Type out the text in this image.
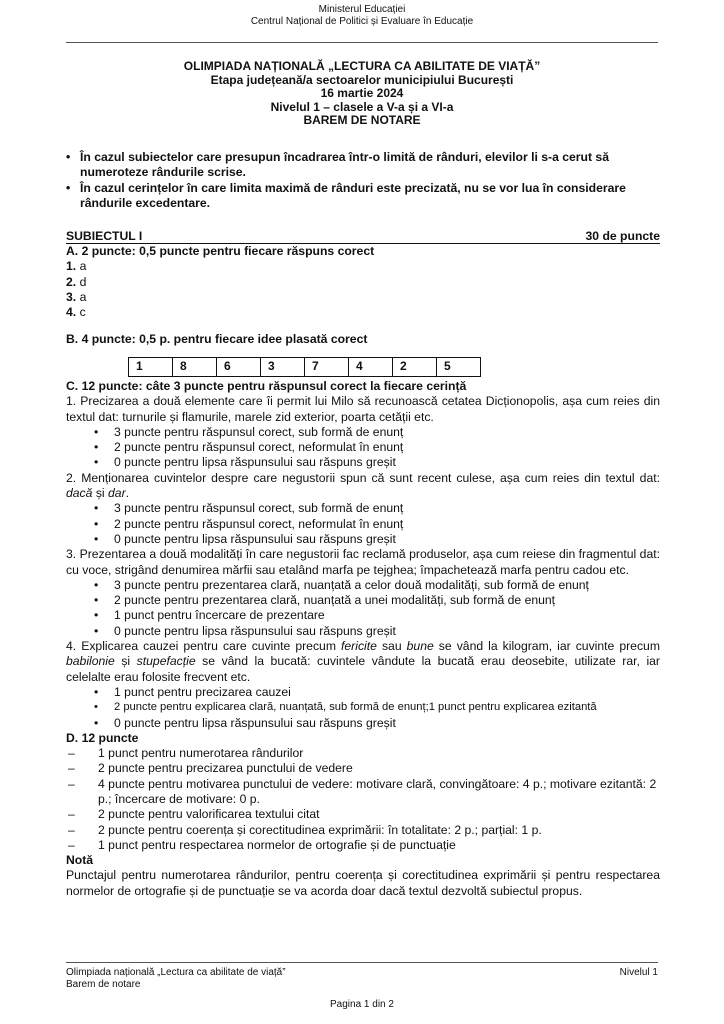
Ministerul Educației
Centrul Național de Politici și Evaluare în Educație
OLIMPIADA NAȚIONALĂ „LECTURA CA ABILITATE DE VIAȚĂ”
Etapa județeană/a sectoarelor municipiului București
16 martie 2024
Nivelul 1 – clasele a V-a și a VI-a
BAREM DE NOTARE
• În cazul subiectelor care presupun încadrarea într-o limită de rânduri, elevilor li s-a cerut să numeroteze rândurile scrise.
• În cazul cerințelor în care limita maximă de rânduri este precizată, nu se vor lua în considerare rândurile excedentare.
SUBIECTUL I	30 de puncte

A. 2 puncte: 0,5 puncte pentru fiecare răspuns corect

1. a
2. d
3. a
4. c

B. 4 puncte: 0,5 p. pentru fiecare idee plasată corect

1	8	6	3	7	4	2	5

C. 12 puncte: câte 3 puncte pentru răspunsul corect la fiecare cerință

1. Precizarea a două elemente care îi permit lui Milo să recunoască cetatea Dicționopolis, așa cum reies din textul dat: turnurile și flamurile, marele zid exterior, poarta cetății etc.

• 3 puncte pentru răspunsul corect, sub formă de enunț
• 2 puncte pentru răspunsul corect, neformulat în enunț
• 0 puncte pentru lipsa răspunsului sau răspuns greșit

2. Menționarea cuvintelor despre care negustorii spun că sunt recent culese, așa cum reies din textul dat: dacă și dar.

• 3 puncte pentru răspunsul corect, sub formă de enunț
• 2 puncte pentru răspunsul corect, neformulat în enunț
• 0 puncte pentru lipsa răspunsului sau răspuns greșit

3. Prezentarea a două modalități în care negustorii fac reclamă produselor, așa cum reiese din fragmentul dat: cu voce, strigând denumirea mărfii sau etalând marfa pe tejghea; împachetează marfa pentru cadou etc.

• 3 puncte pentru prezentarea clară, nuanțată a celor două modalități, sub formă de enunț
• 2 puncte pentru prezentarea clară, nuanțată a unei modalități, sub formă de enunț
• 1 punct pentru încercare de prezentare
• 0 puncte pentru lipsa răspunsului sau răspuns greșit

4. Explicarea cauzei pentru care cuvinte precum fericite sau bune se vând la kilogram, iar cuvinte precum babilonie și stupefacție se vând la bucată: cuvintele vândute la bucată erau deosebite, utilizate rar, iar celelalte erau folosite frecvent etc.

• 1 punct pentru precizarea cauzei
• 2 puncte pentru explicarea clară, nuanțată, sub formă de enunț;1 punct pentru explicarea ezitantă
• 0 puncte pentru lipsa răspunsului sau răspuns greșit

D. 12 puncte

– 1 punct pentru numerotarea rândurilor
– 2 puncte pentru precizarea punctului de vedere
– 4 puncte pentru motivarea punctului de vedere: motivare clară, convingătoare: 4 p.; motivare ezitantă: 2 p.; încercare de motivare: 0 p.
– 2 puncte pentru valorificarea textului citat
– 2 puncte pentru coerența și corectitudinea exprimării: în totalitate: 2 p.; parțial: 1 p.
– 1 punct pentru respectarea normelor de ortografie și de punctuație

Notă

Punctajul pentru numerotarea rândurilor, pentru coerența și corectitudinea exprimării și pentru respectarea normelor de ortografie și de punctuație se va acorda doar dacă textul dezvoltă subiectul propus.

Olimpiada națională „Lectura ca abilitate de viață”	Nivelul 1
Barem de notare
Pagina 1 din 2
